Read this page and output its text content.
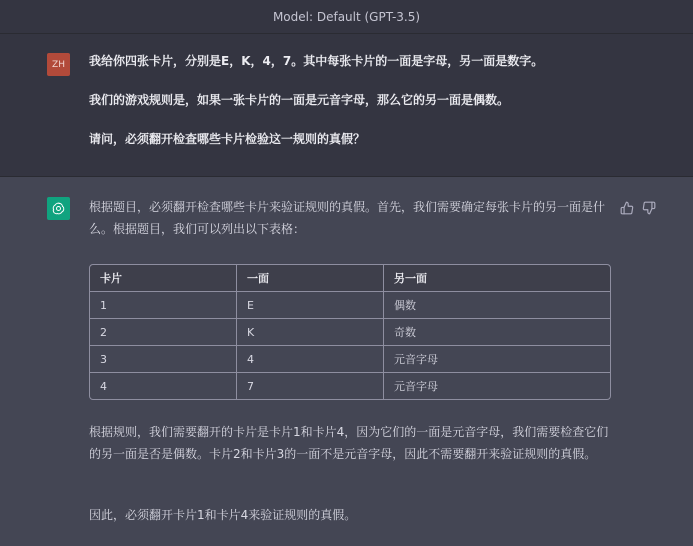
Model: Default (GPT-3.5)
ZH 我给你四张卡片，分别是E，K，4，7。其中每张卡片的一面是字母，另一面是数字。
我们的游戏规则是，如果一张卡片的一面是元音字母，那么它的另一面是偶数。
请问，必须翻开检查哪些卡片检验这一规则的真假？
根据题目，必须翻开检查哪些卡片来验证规则的真假。首先，我们需要确定每张卡片的另一面是什么。根据题目，我们可以列出以下表格：
卡片	一面	另一面
1	E	偶数
2	K	奇数
3	4	元音字母
4	7	元音字母
根据规则，我们需要翻开的卡片是卡片1和卡片4，因为它们的一面是元音字母，我们需要检查它们的另一面是否是偶数。卡片2和卡片3的一面不是元音字母，因此不需要翻开来验证规则的真假。
因此，必须翻开卡片1和卡片4来验证规则的真假。
